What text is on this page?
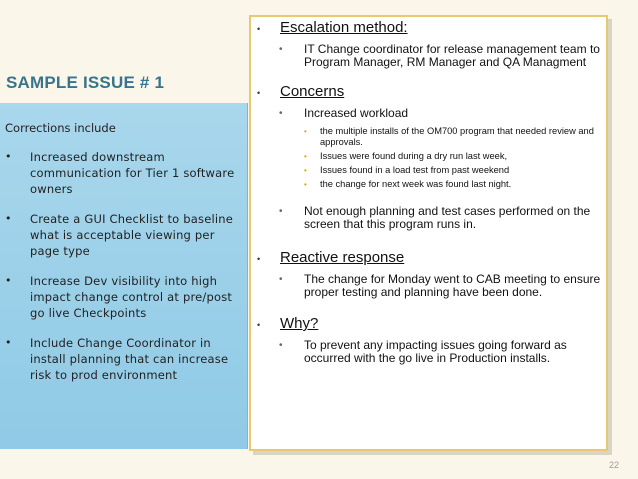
SAMPLE ISSUE # 1
Corrections include
• Increased downstream communication for Tier 1 software owners
• Create a GUI Checklist to baseline what is acceptable viewing per page type
• Increase Dev visibility into high impact change control at pre/post go live Checkpoints
• Include Change Coordinator in install planning that can increase risk to prod environment
• Escalation method:
• IT Change coordinator for release management team to Program Manager, RM Manager and QA Managment
• Concerns
• Increased workload
• the multiple installs of the OM700 program that needed review and approvals.
• Issues were found during a dry run last week,
• Issues found in a load test from past weekend
• the change for next week was found last night.
• Not enough planning and test cases performed on the screen that this program runs in.
• Reactive response
• The change for Monday went to CAB meeting to ensure proper testing and planning have been done.
• Why?
• To prevent any impacting issues going forward as occurred with the go live in Production installs.
22
